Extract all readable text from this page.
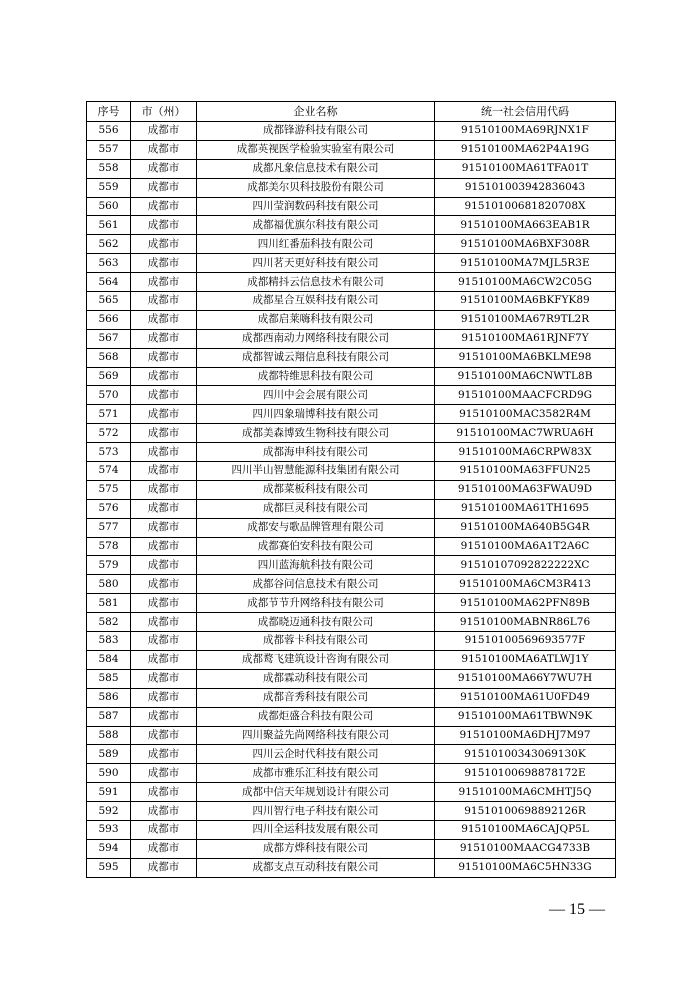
序号	市（州）	企业名称	统一社会信用代码
556	成都市	成都锋游科技有限公司	91510100MA69RJNX1F
557	成都市	成都英视医学检验实验室有限公司	91510100MA62P4A19G
558	成都市	成都凡象信息技术有限公司	91510100MA61TFA01T
559	成都市	成都美尔贝科技股份有限公司	915101003942836043
560	成都市	四川莹润数码科技有限公司	91510100681820708X
561	成都市	成都福优旗尔科技有限公司	91510100MA663EAB1R
562	成都市	四川红番茄科技有限公司	91510100MA6BXF308R
563	成都市	四川茗天更好科技有限公司	91510100MA7MJL5R3E
564	成都市	成都精抖云信息技术有限公司	91510100MA6CW2C05G
565	成都市	成都星合互娱科技有限公司	91510100MA6BKFYK89
566	成都市	成都启莱嗨科技有限公司	91510100MA67R9TL2R
567	成都市	成都西南动力网络科技有限公司	91510100MA61RJNF7Y
568	成都市	成都智诚云翔信息科技有限公司	91510100MA6BKLME98
569	成都市	成都特维思科技有限公司	91510100MA6CNWTL8B
570	成都市	四川中会会展有限公司	91510100MAACFCRD9G
571	成都市	四川四象瑞博科技有限公司	91510100MAC3582R4M
572	成都市	成都美森博致生物科技有限公司	91510100MAC7WRUA6H
573	成都市	成都海申科技有限公司	91510100MA6CRPW83X
574	成都市	四川半山智慧能源科技集团有限公司	91510100MA63FFUN25
575	成都市	成都菜板科技有限公司	91510100MA63FWAU9D
576	成都市	成都巨灵科技有限公司	91510100MA61TH1695
577	成都市	成都安与歌品牌管理有限公司	91510100MA640B5G4R
578	成都市	成都赛伯安科技有限公司	91510100MA6A1T2A6C
579	成都市	四川蓝海航科技有限公司	91510107092822222XC
580	成都市	成都谷问信息技术有限公司	91510100MA6CM3R413
581	成都市	成都节节升网络科技有限公司	91510100MA62PFN89B
582	成都市	成都晓迈通科技有限公司	91510100MABNR86L76
583	成都市	成都蓉卡科技有限公司	91510100569693577F
584	成都市	成都鹜飞建筑设计咨询有限公司	91510100MA6ATLWJ1Y
585	成都市	成都霖动科技有限公司	91510100MA66Y7WU7H
586	成都市	成都音秀科技有限公司	91510100MA61U0FD49
587	成都市	成都炬盛合科技有限公司	91510100MA61TBWN9K
588	成都市	四川聚益先尚网络科技有限公司	91510100MA6DHJ7M97
589	成都市	四川云企时代科技有限公司	91510100343069130K
590	成都市	成都市雅乐汇科技有限公司	91510100698878172E
591	成都市	成都中信天年规划设计有限公司	91510100MA6CMHTJ5Q
592	成都市	四川智行电子科技有限公司	91510100698892126R
593	成都市	四川全运科技发展有限公司	91510100MA6CAJQP5L
594	成都市	成都方烨科技有限公司	91510100MAACG4733B
595	成都市	成都支点互动科技有限公司	91510100MA6C5HN33G
— 15 —
